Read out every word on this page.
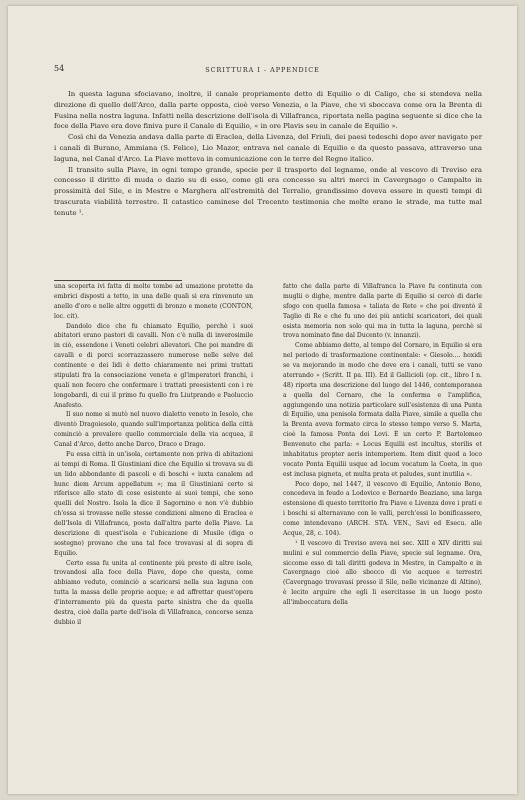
54	SCRITTURA I - APPENDICE

In questa laguna sfociavano, inoltre, il canale propriamente detto di Equilio o di Caligo, che si stendeva nella direzione di quello dell'Arco, dalla parte opposta, cioè verso Venezia, e la Piave, che vi sboccava come ora la Brenta di Fusina nella nostra laguna. Infatti nella descrizione dell'isola di Villafranca, riportata nella pagina seguente si dice che la foce della Piave era dove finiva pure il Canale di Equilio, « in ore Plavis seu in canale de Equilio ».

Così chi da Venezia andava dalla parte di Eraclea, della Livenza, del Friuli, dei paesi tedeschi dopo aver navigato per i canali di Burano, Ammiana (S. Felice), Lio Mazor, entrava nel canale di Equilio e da questo passava, attraverso una laguna, nel Canal d'Arco. La Piave metteva in comunicazione con le terre del Regno italico.

Il transito sulla Piave, in ogni tempo grande, specie per il trasporto del legname, onde al vescovo di Treviso era concesso il diritto di muda o dazio su di esso, come gli era concesso su altri merci in Cavergnago o Campalto in prossimità del Sile, e in Mestre e Marghera all'estremità del Terralio, grandissimo doveva essere in questi tempi di trascurata viabilità terrestre. Il catastico caminese del Trecento testimonia che molte erano le strade, ma tutte mal tenute ¹.

una scoperta ivi fatta di molte tombe ad umazione protette da embrici disposti a tetto, in una delle quali si era rinvenuto un anello d'oro e nelle altre oggetti di bronzo e monete (CONTON, loc. cit).

Dandolo dice che fu chiamato Equilio, perchè i suoi abitatori erano pastori di cavalli. Non c'è nulla di inverosimile in ciò, essendone i Veneti celebri allevatori. Che poi mandre di cavalli e di porci scorrazzassero numerose nelle selve del continente e dei lidi è detto chiaramente nei primi trattati stipulati fra la consociazione veneta e gl'imperatori franchi, i quali non fecero che confermare i trattati preesistenti con i re longobardi, di cui il primo fu quello fra Liutprando e Paoluccio Anafesto.

Il suo nome si mutò nel nuovo dialetto veneto in Iesolo, che diventò Dragoiesolo, quando sull'importanza politica della città cominciò a prevalere quello commerciale della via acquea, il Canal d'Arco, detto anche Darco, Draco e Drago.

Fu essa città in un'isola, certamente non priva di abitazioni ai tempi di Roma. Il Giustiniani dice che Equilio si trovava su di un lido abbondante di pascoli e di boschi « iuxta canalem ad hunc diem Arcum appellatum »; ma il Giustiniani certo si riferisce allo stato di cose esistente ai suoi tempi, che sono quelli del Nostro. Isola la dice il Sagornino e non v'è dubbio ch'essa si trovasse nelle stesse condizioni almeno di Eraclea e dell'Isola di Villafranca, posta dall'altra parte della Piave. La descrizione di quest'isola e l'ubicazione di Musile (diga o sostegno) provano che una tal foce trovavasi al di sopra di Equilio.

Certo essa fu unita al continente più presto di altre isole, trovandosi alla foce della Piave, dopo che questa, come abbiamo veduto, cominciò a scaricarsi nella sua laguna con tutta la massa delle proprie acque; e ad affrettar quest'opera d'interramento più da questa parte sinistra che da quella destra, cioè dalla parte dell'isola di Villafranca, concorse senza dubbio il

fatto che dalla parte di Villafranca la Piave fu continuta con muglii o dighe, mentre dalla parte di Equilio si cercò di darle sfogo con quella famosa « taliata de Rete » che poi diventò il Taglio di Re e che fu uno dei più antichi scaricatori, dei quali esista memoria non solo qui ma in tutta la laguna, perchè si trova nominato fine dal Ducento (v. innanzi).

Come abbiamo detto, al tempo del Cornaro, in Equilio si era nel periodo di trasformazione continentale: « Giesolo.... hoxidi se va mejorando in modo che dove era i canali, tutti se vano aterrando » (Scritt. II pa. III). Ed il Gallicioli (op. cit., libro I n. 48) riporta una descrizione del luogo del 1446, contemporanea a quella del Cornaro, che la conferma e l'amplifica, aggiungendo una notizia particolare sull'esistenza di una Punta di Equilio, una penisola formata dalla Piave, simile a quella che la Brenta aveva formato circa lo stesso tempo verso S. Marta, cioè la famosa Ponta dei Lovi. È un certo P. Bartolomeo Benvenuto che parla: « Locus Equilii est incultus, sterilis et inhabitatus propter aeris intemperiem. Item dixit quod a loco vocato Ponta Equilii usque ad locum vocatum la Coeta, in quo est inclusa pigneta, et multa prata et paludes, sunt inutilia ».

Poco dopo, nel 1447, il vescovo di Equilio, Antonio Bono, concedeva in feudo a Lodovico e Bernardo Beaziano, una larga estensione di questo territorio fra Piave e Livenza dove i prati e i boschi si alternavano con le valli, perch'essi lo bonificassero, come intendevano (ARCH. STA. VEN., Savi ed Esecu. alle Acque, 28, c. 104).

¹ Il vescovo di Treviso aveva nei sec. XIII e XIV diritti sui mulini e sul commercio della Piave, specie sul legname. Ora, siccome esso di tali diritti godeva in Mestre, in Campalto e in Cavergnago cioè allo sbocco di vie acquee e terrestri (Cavergnago trovavasi presso il Sile, nelle vicinanze di Altino), è lecito arguire che egli li esercitasse in un luogo posto all'imboccatura della
